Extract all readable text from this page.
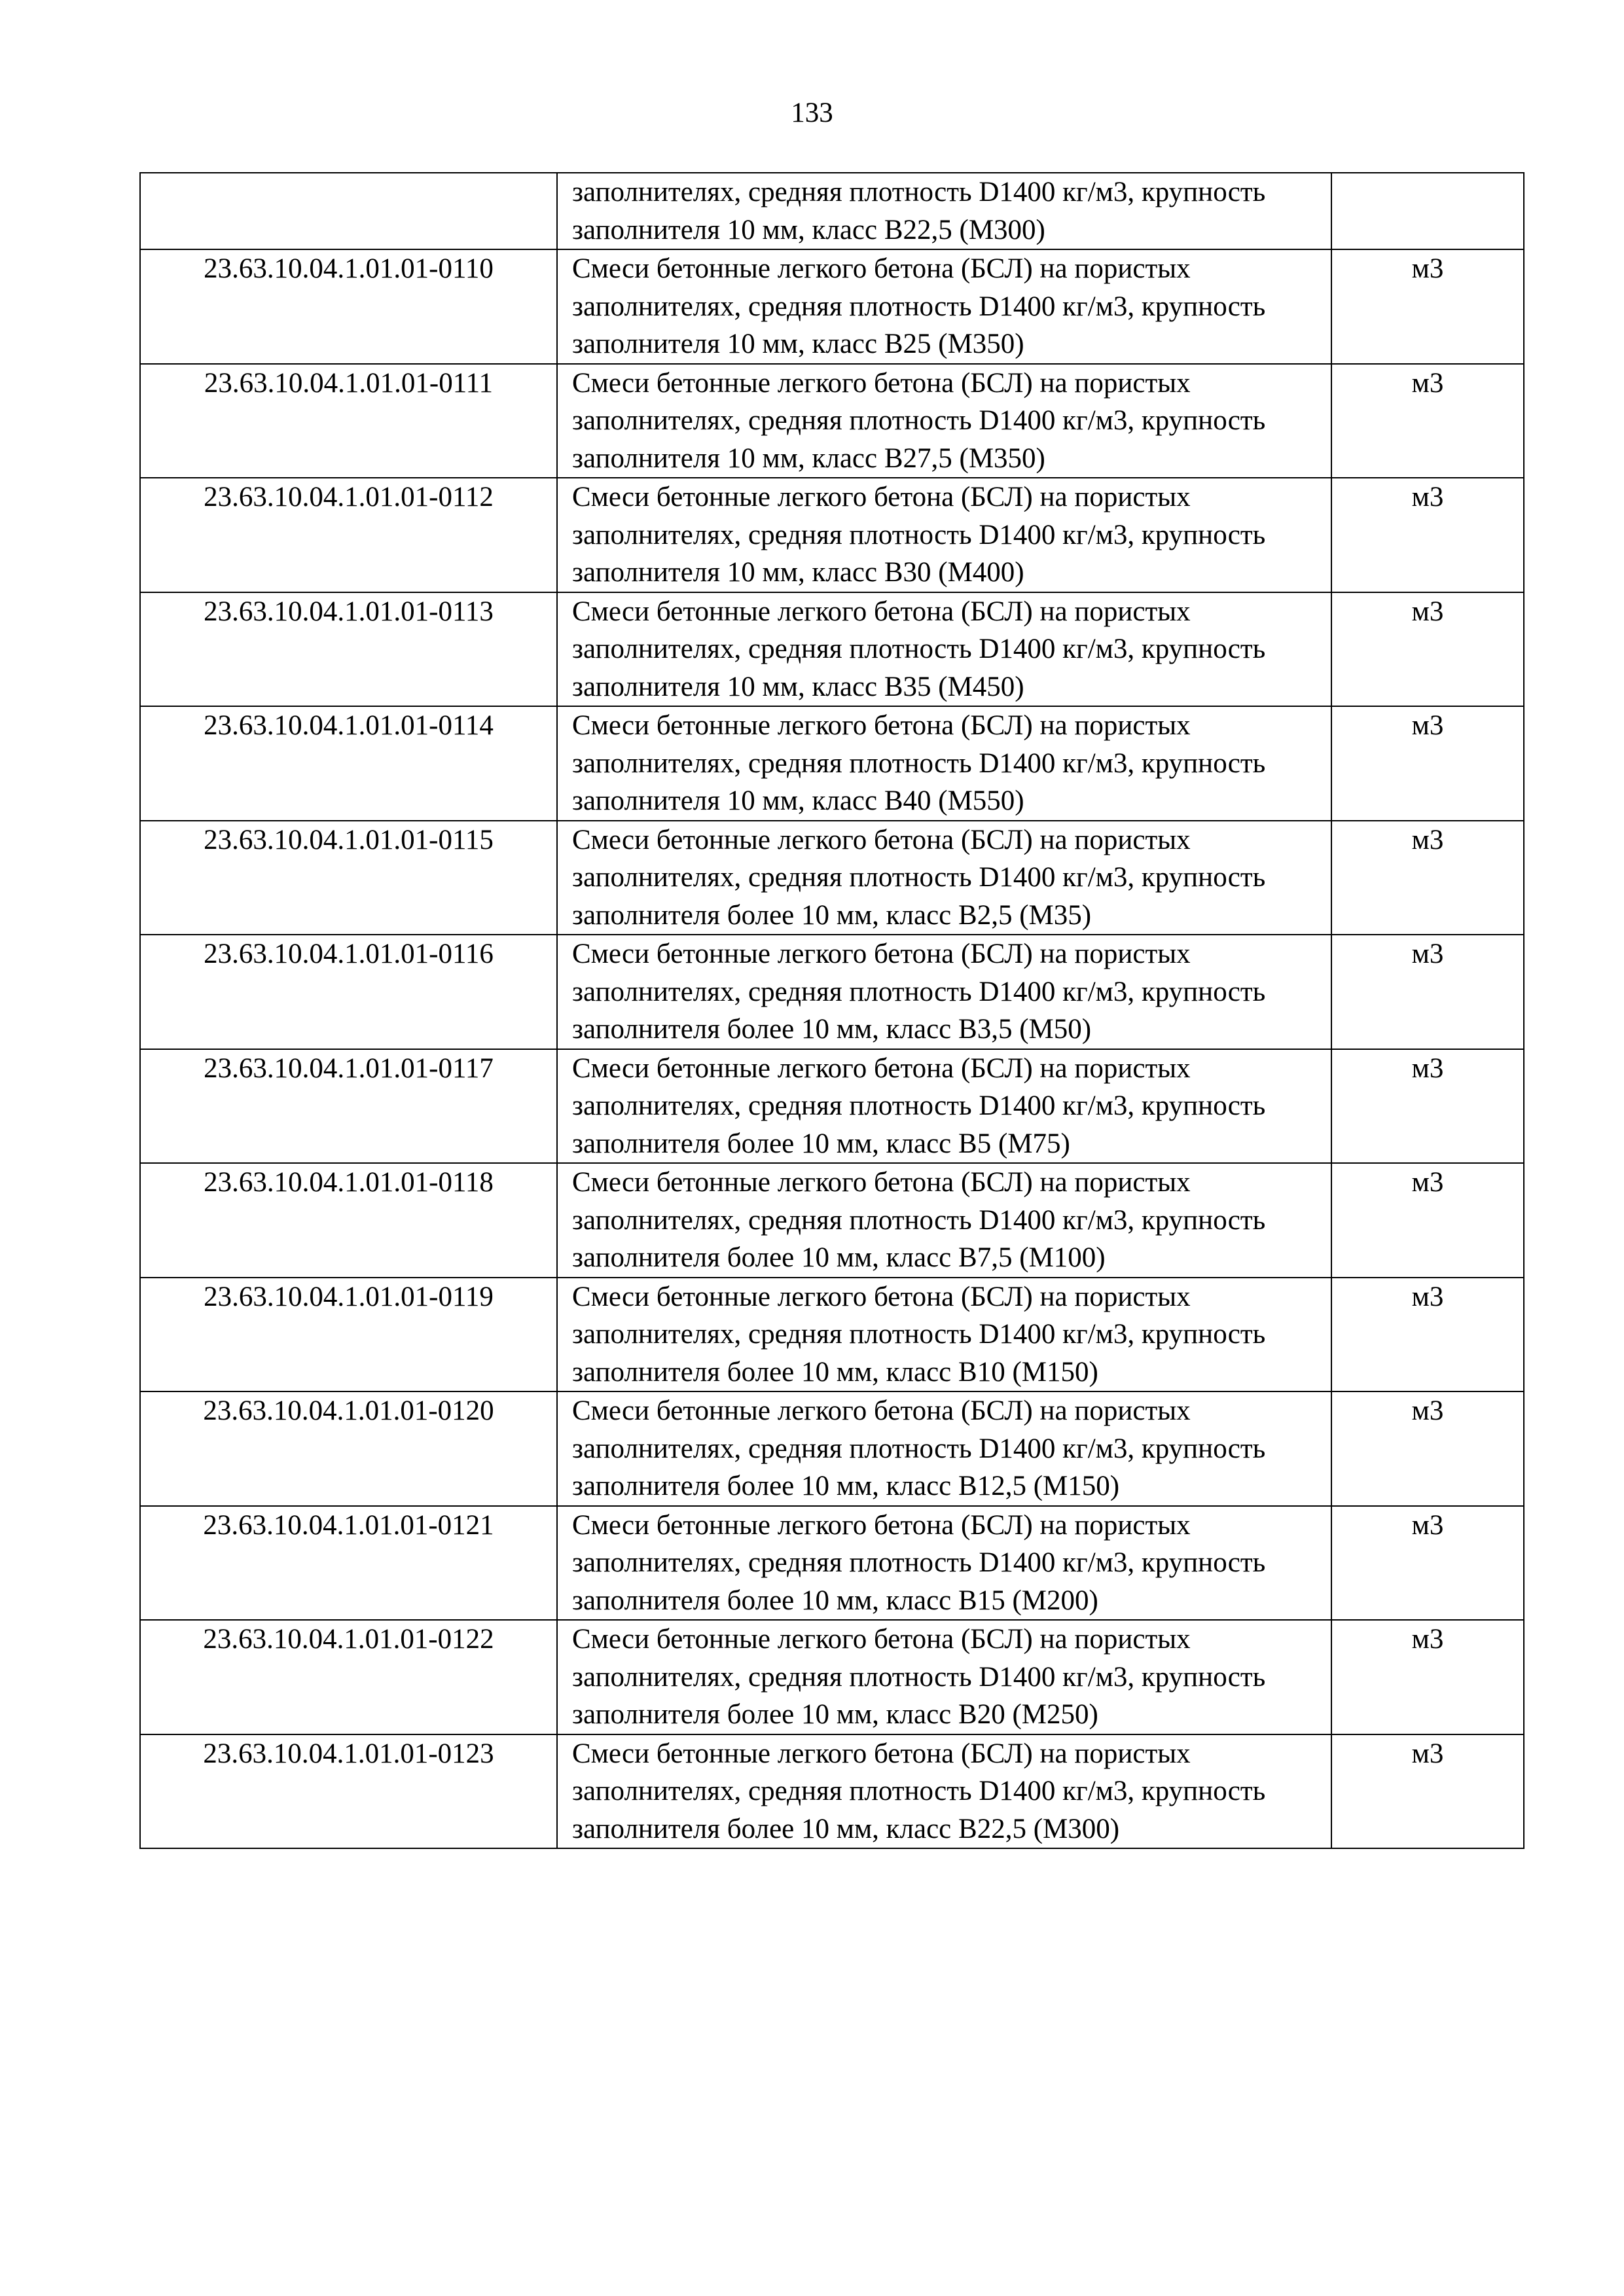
133
	заполнителях, средняя плотность D1400 кг/м3, крупность заполнителя 10 мм, класс В22,5 (М300)	
23.63.10.04.1.01.01-0110	Смеси бетонные легкого бетона (БСЛ) на пористых заполнителях, средняя плотность D1400 кг/м3, крупность заполнителя 10 мм, класс В25 (М350)	м3
23.63.10.04.1.01.01-0111	Смеси бетонные легкого бетона (БСЛ) на пористых заполнителях, средняя плотность D1400 кг/м3, крупность заполнителя 10 мм, класс В27,5 (М350)	м3
23.63.10.04.1.01.01-0112	Смеси бетонные легкого бетона (БСЛ) на пористых заполнителях, средняя плотность D1400 кг/м3, крупность заполнителя 10 мм, класс В30 (М400)	м3
23.63.10.04.1.01.01-0113	Смеси бетонные легкого бетона (БСЛ) на пористых заполнителях, средняя плотность D1400 кг/м3, крупность заполнителя 10 мм, класс В35 (М450)	м3
23.63.10.04.1.01.01-0114	Смеси бетонные легкого бетона (БСЛ) на пористых заполнителях, средняя плотность D1400 кг/м3, крупность заполнителя 10 мм, класс В40 (М550)	м3
23.63.10.04.1.01.01-0115	Смеси бетонные легкого бетона (БСЛ) на пористых заполнителях, средняя плотность D1400 кг/м3, крупность заполнителя более 10 мм, класс В2,5 (М35)	м3
23.63.10.04.1.01.01-0116	Смеси бетонные легкого бетона (БСЛ) на пористых заполнителях, средняя плотность D1400 кг/м3, крупность заполнителя более 10 мм, класс В3,5 (М50)	м3
23.63.10.04.1.01.01-0117	Смеси бетонные легкого бетона (БСЛ) на пористых заполнителях, средняя плотность D1400 кг/м3, крупность заполнителя более 10 мм, класс В5 (М75)	м3
23.63.10.04.1.01.01-0118	Смеси бетонные легкого бетона (БСЛ) на пористых заполнителях, средняя плотность D1400 кг/м3, крупность заполнителя более 10 мм, класс В7,5 (М100)	м3
23.63.10.04.1.01.01-0119	Смеси бетонные легкого бетона (БСЛ) на пористых заполнителях, средняя плотность D1400 кг/м3, крупность заполнителя более 10 мм, класс В10 (М150)	м3
23.63.10.04.1.01.01-0120	Смеси бетонные легкого бетона (БСЛ) на пористых заполнителях, средняя плотность D1400 кг/м3, крупность заполнителя более 10 мм, класс В12,5 (М150)	м3
23.63.10.04.1.01.01-0121	Смеси бетонные легкого бетона (БСЛ) на пористых заполнителях, средняя плотность D1400 кг/м3, крупность заполнителя более 10 мм, класс В15 (М200)	м3
23.63.10.04.1.01.01-0122	Смеси бетонные легкого бетона (БСЛ) на пористых заполнителях, средняя плотность D1400 кг/м3, крупность заполнителя более 10 мм, класс В20 (М250)	м3
23.63.10.04.1.01.01-0123	Смеси бетонные легкого бетона (БСЛ) на пористых заполнителях, средняя плотность D1400 кг/м3, крупность заполнителя более 10 мм, класс В22,5 (М300)	м3
